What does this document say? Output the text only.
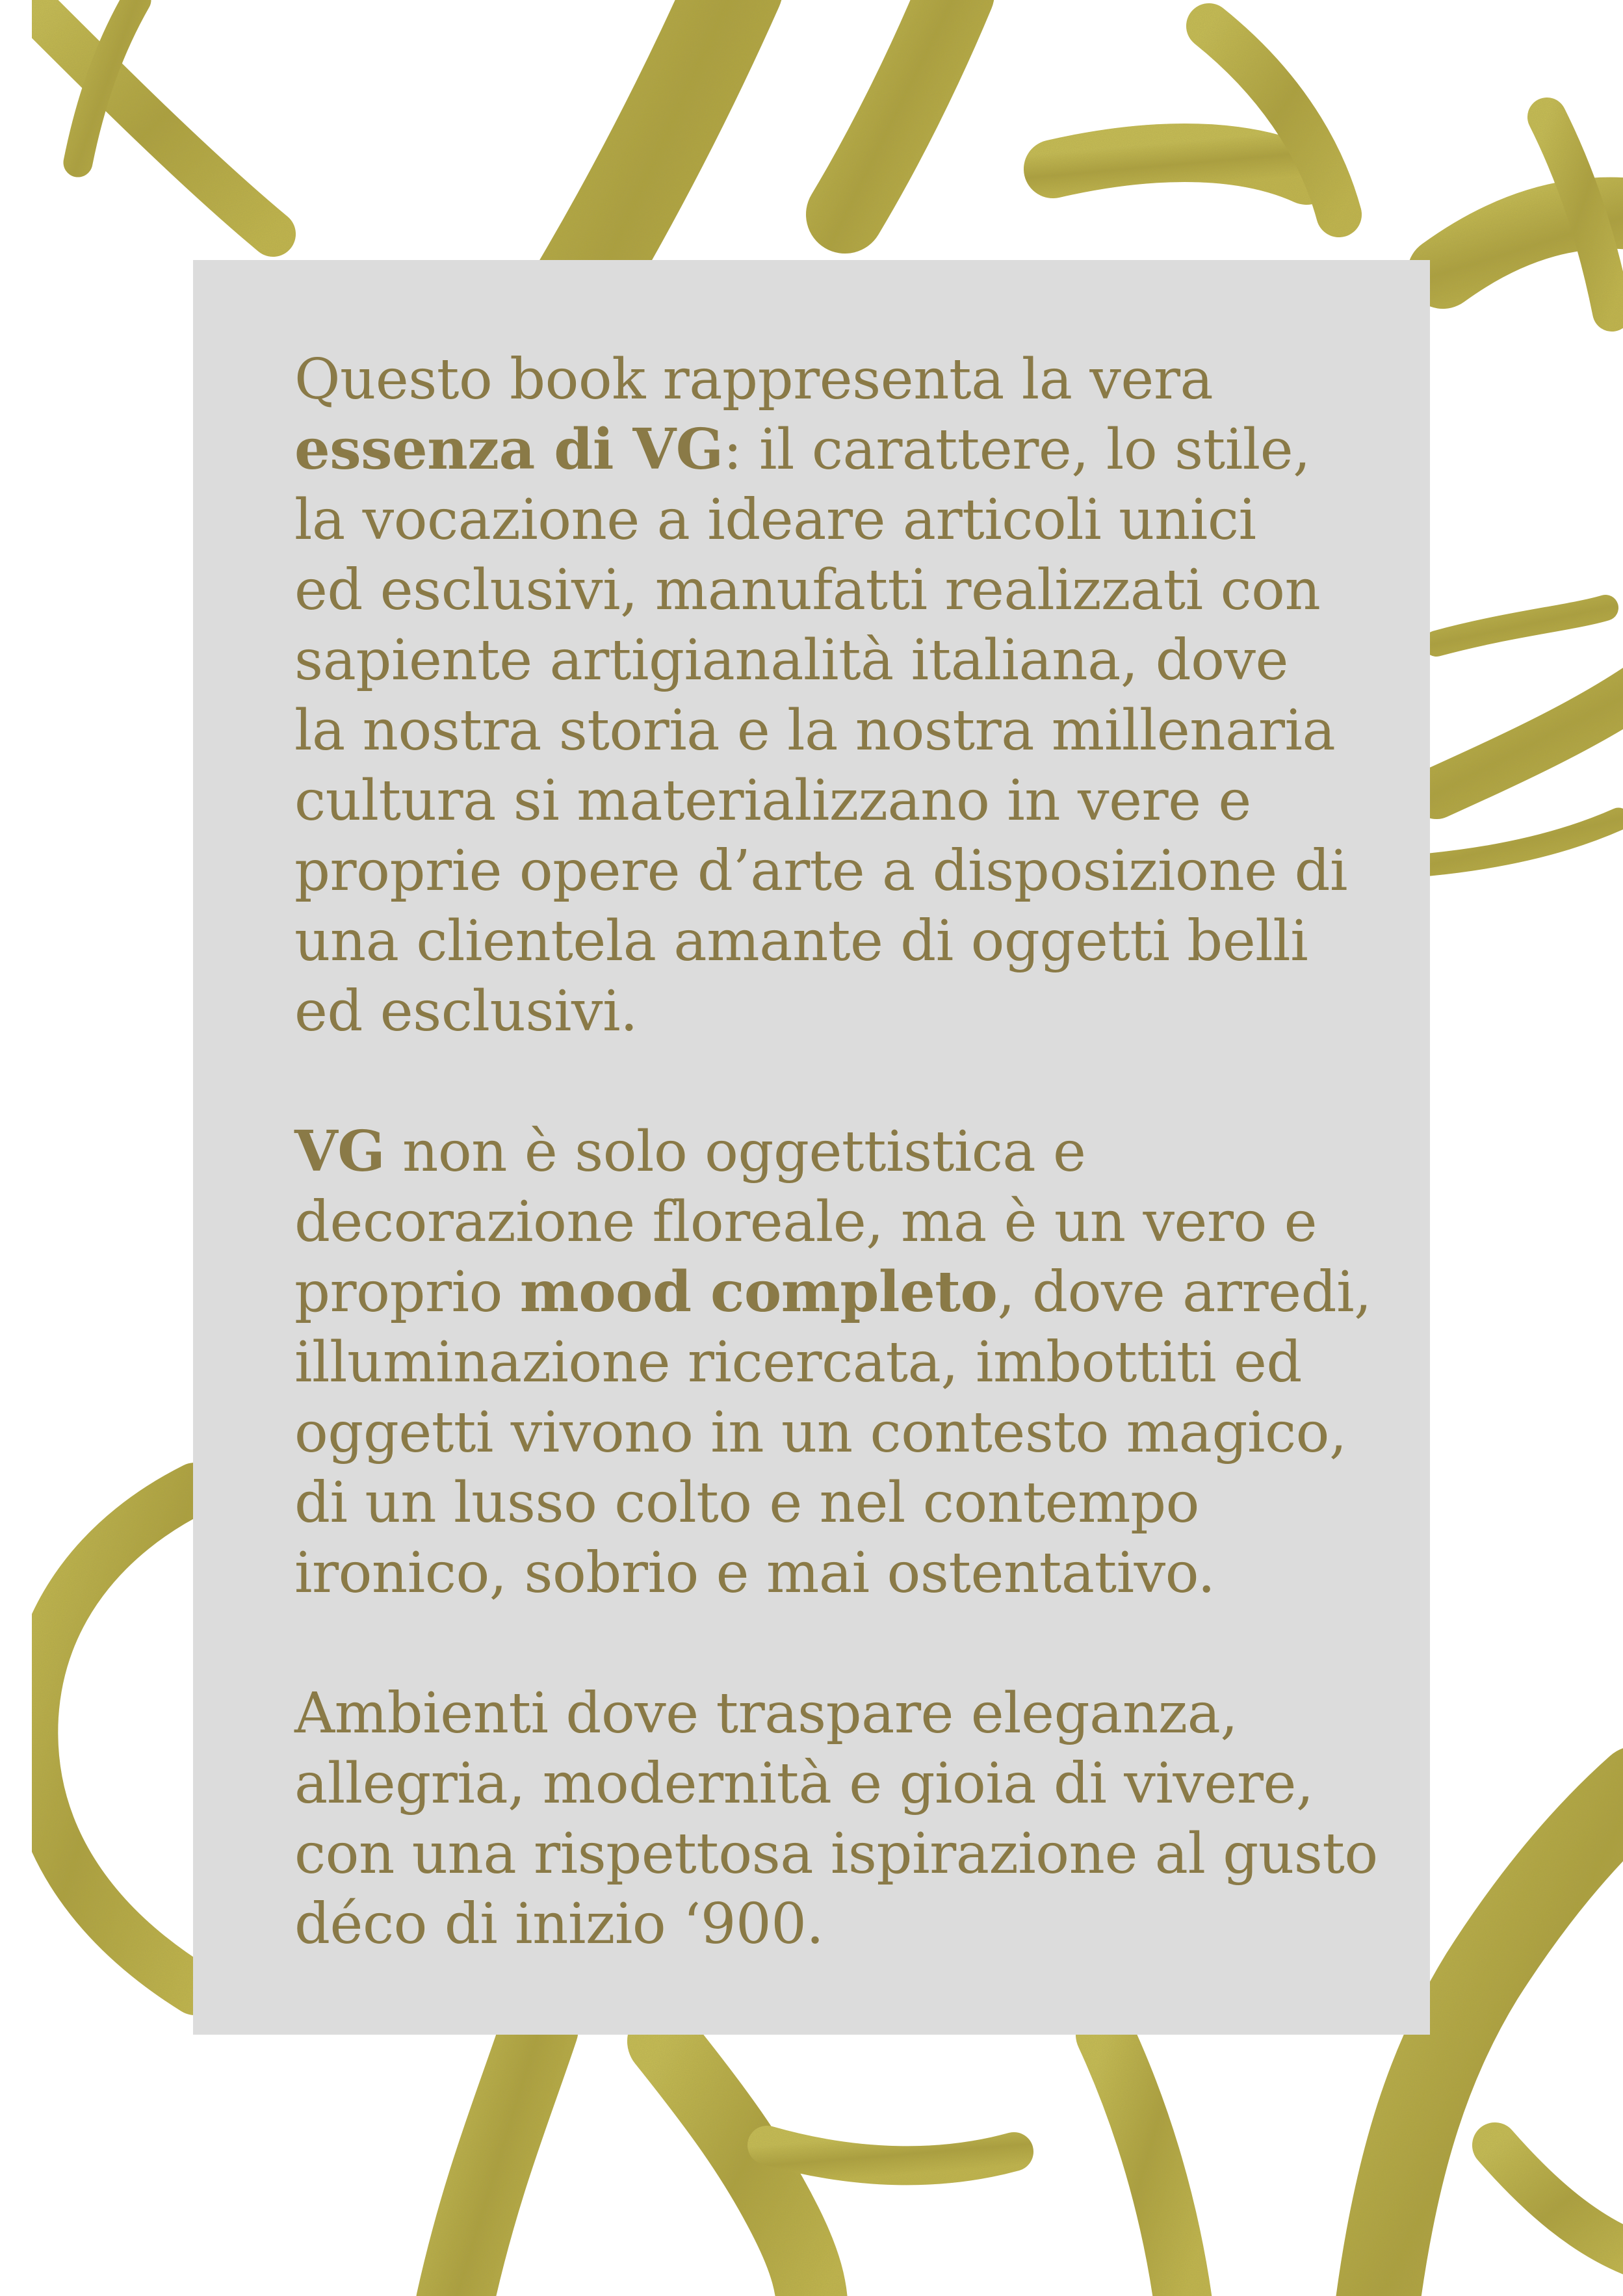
Questo book rappresenta la vera
essenza di VG: il carattere, lo stile,
la vocazione a ideare articoli unici
ed esclusivi, manufatti realizzati con
sapiente artigianalità italiana, dove
la nostra storia e la nostra millenaria
cultura si materializzano in vere e
proprie opere d’arte a disposizione di
una clientela amante di oggetti belli
ed esclusivi.

VG non è solo oggettistica e
decorazione floreale, ma è un vero e
proprio mood completo, dove arredi,
illuminazione ricercata, imbottiti ed
oggetti vivono in un contesto magico,
di un lusso colto e nel contempo
ironico, sobrio e mai ostentativo.

Ambienti dove traspare eleganza,
allegria, modernità e gioia di vivere,
con una rispettosa ispirazione al gusto
déco di inizio ‘900.
